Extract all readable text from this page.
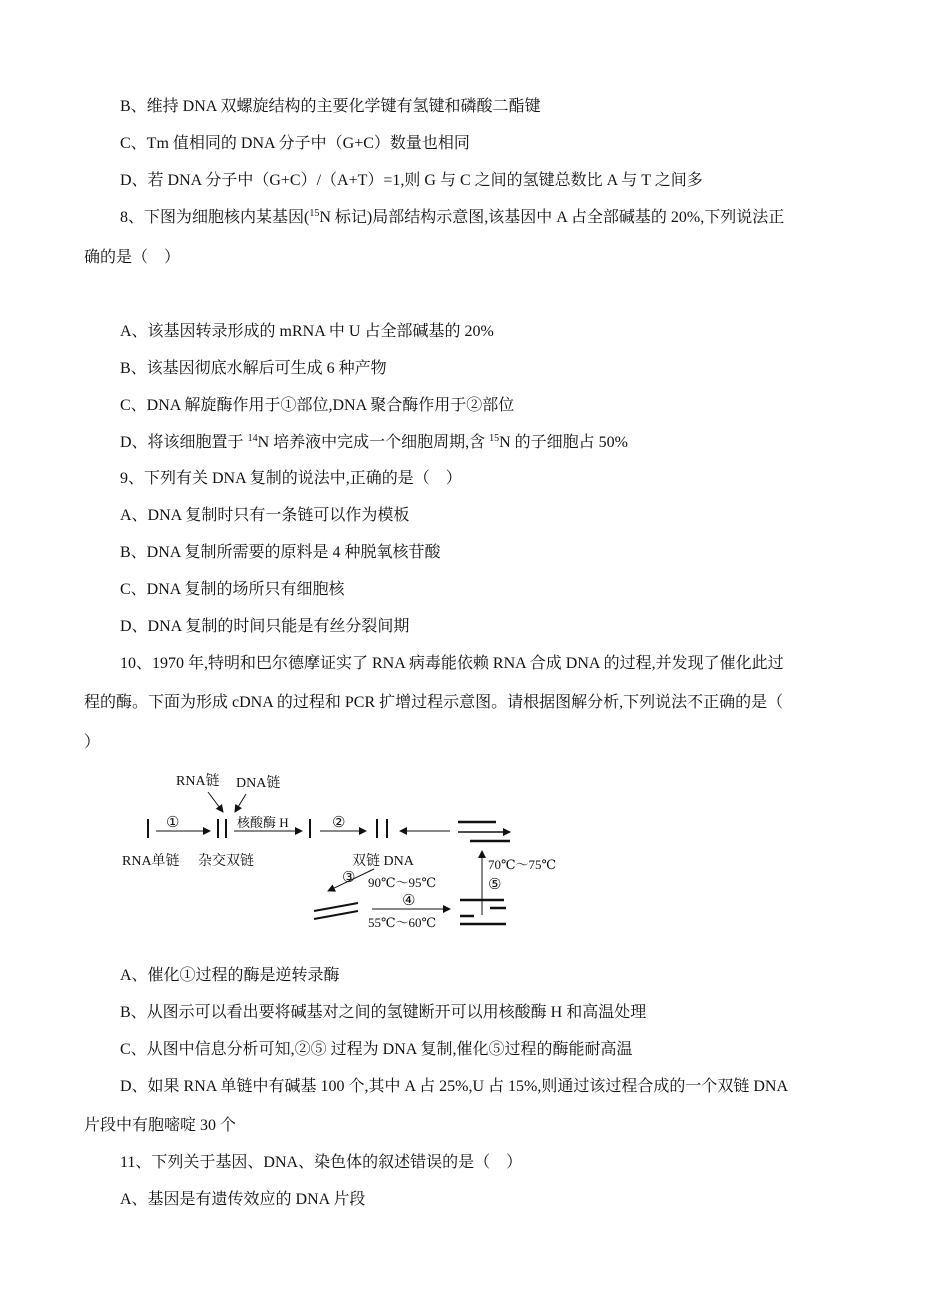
B、维持 DNA 双螺旋结构的主要化学键有氢键和磷酸二酯键
C、Tm 值相同的 DNA 分子中（G+C）数量也相同
D、若 DNA 分子中（G+C）/（A+T）=1,则 G 与 C 之间的氢键总数比 A 与 T 之间多
8、下图为细胞核内某基因($^{15}$N 标记)局部结构示意图,该基因中 A 占全部碱基的 20%,下列说法正
确的是（　）
A、该基因转录形成的 mRNA 中 U 占全部碱基的 20%
B、该基因彻底水解后可生成 6 种产物
C、DNA 解旋酶作用于①部位,DNA 聚合酶作用于②部位
D、将该细胞置于 $^{14}$N 培养液中完成一个细胞周期,含 $^{15}$N 的子细胞占 50%
9、下列有关 DNA 复制的说法中,正确的是（　）
A、DNA 复制时只有一条链可以作为模板
B、DNA 复制所需要的原料是 4 种脱氧核苷酸
C、DNA 复制的场所只有细胞核
D、DNA 复制的时间只能是有丝分裂间期
10、1970 年,特明和巴尔德摩证实了 RNA 病毒能依赖 RNA 合成 DNA 的过程,并发现了催化此过
程的酶。下面为形成 cDNA 的过程和 PCR 扩增过程示意图。请根据图解分析,下列说法不正确的是（
）
RNA链 DNA链
①	核酸酶 H	②
RNA单链 杂交双链	双链 DNA
③ 90℃～95℃
70℃～75℃
⑤
④
55℃～60℃
A、催化①过程的酶是逆转录酶
B、从图示可以看出要将碱基对之间的氢键断开可以用核酸酶 H 和高温处理
C、从图中信息分析可知,②⑤ 过程为 DNA 复制,催化⑤过程的酶能耐高温
D、如果 RNA 单链中有碱基 100 个,其中 A 占 25%,U 占 15%,则通过该过程合成的一个双链 DNA
片段中有胞嘧啶 30 个
11、下列关于基因、DNA、染色体的叙述错误的是（　）
A、基因是有遗传效应的 DNA 片段
